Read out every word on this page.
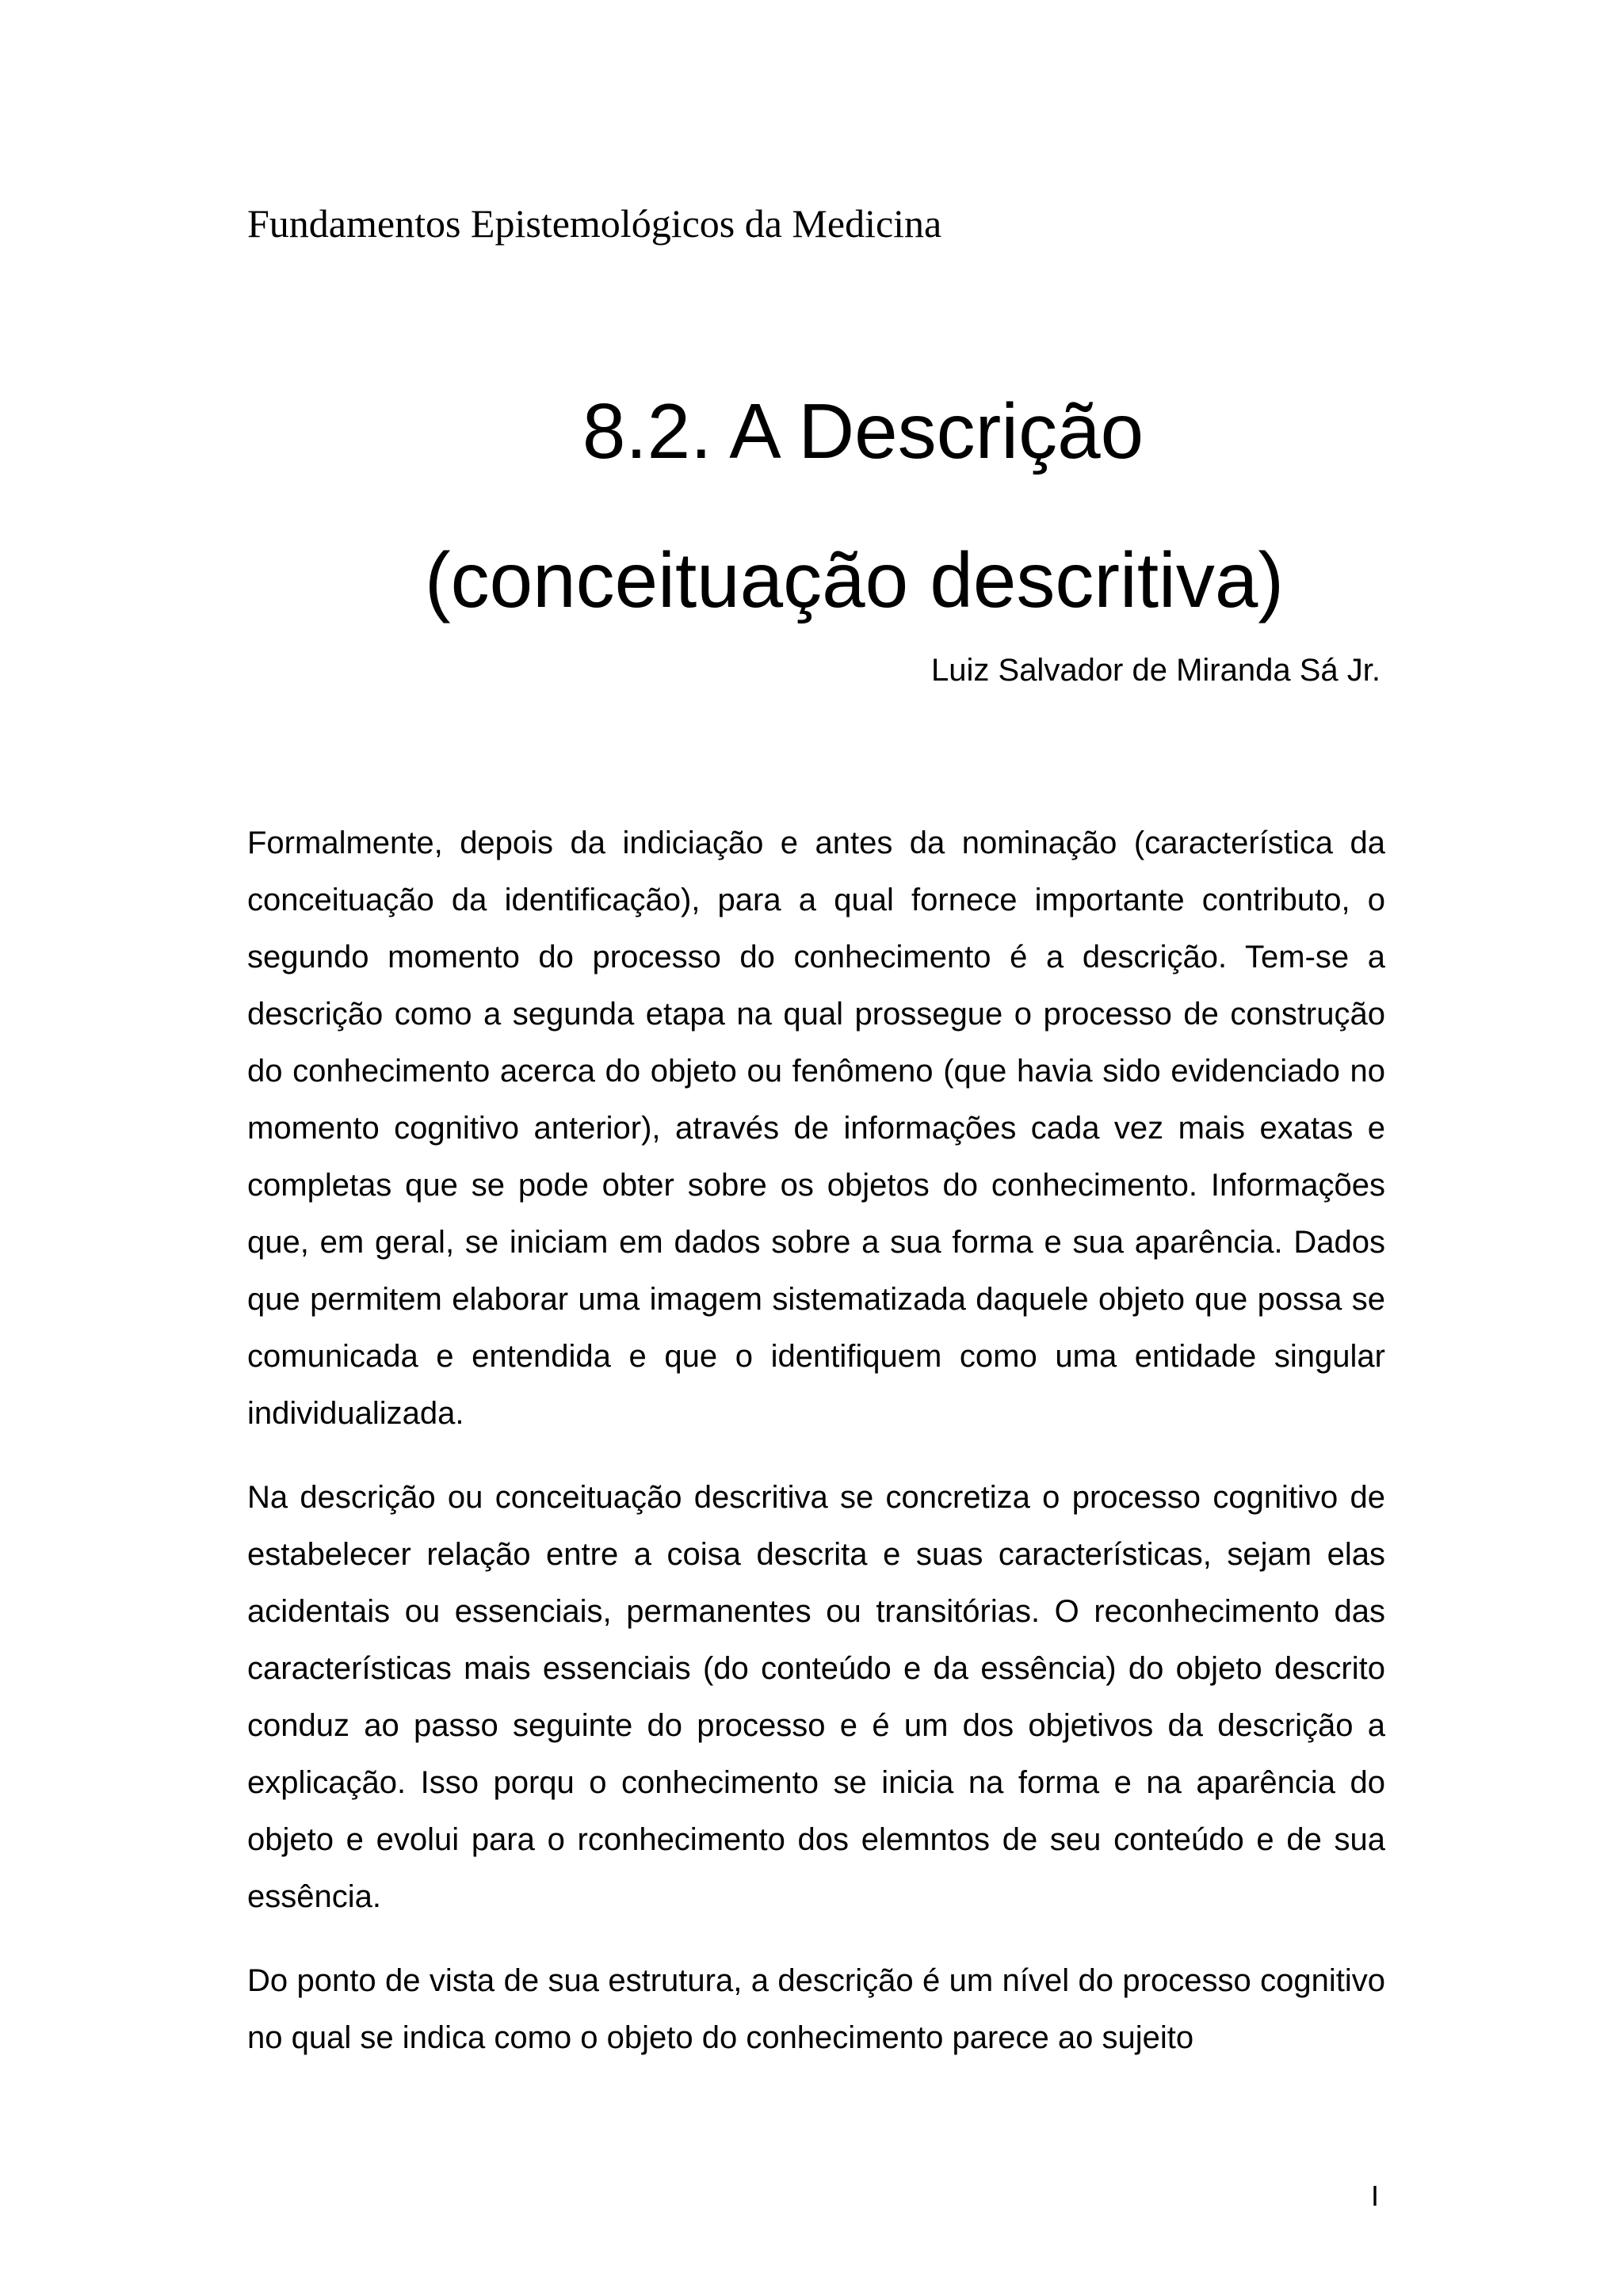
Fundamentos Epistemológicos da Medicina
8.2. A Descrição
(conceituação descritiva)
Luiz Salvador de Miranda Sá Jr.

Formalmente, depois da indiciação e antes da nominação (característica da conceituação da identificação), para a qual fornece importante contributo, o segundo momento do processo do conhecimento é a descrição. Tem-se a descrição como a segunda etapa na qual prossegue o processo de construção do conhecimento acerca do objeto ou fenômeno (que havia sido evidenciado no momento cognitivo anterior), através de informações cada vez mais exatas e completas que se pode obter sobre os objetos do conhecimento. Informações que, em geral, se iniciam em dados sobre a sua forma e sua aparência. Dados que permitem elaborar uma imagem sistematizada daquele objeto que possa se comunicada e entendida e que o identifiquem como uma entidade singular individualizada.

Na descrição ou conceituação descritiva se concretiza o processo cognitivo de estabelecer relação entre a coisa descrita e suas características, sejam elas acidentais ou essenciais, permanentes ou transitórias. O reconhecimento das características mais essenciais (do conteúdo e da essência) do objeto descrito conduz ao passo seguinte do processo e é um dos objetivos da descrição a explicação. Isso porqu o conhecimento se inicia na forma e na aparência do objeto e evolui para o rconhecimento dos elemntos de seu conteúdo e de sua essência.

Do ponto de vista de sua estrutura, a descrição é um nível do processo cognitivo no qual se indica como o objeto do conhecimento parece ao sujeito

I
